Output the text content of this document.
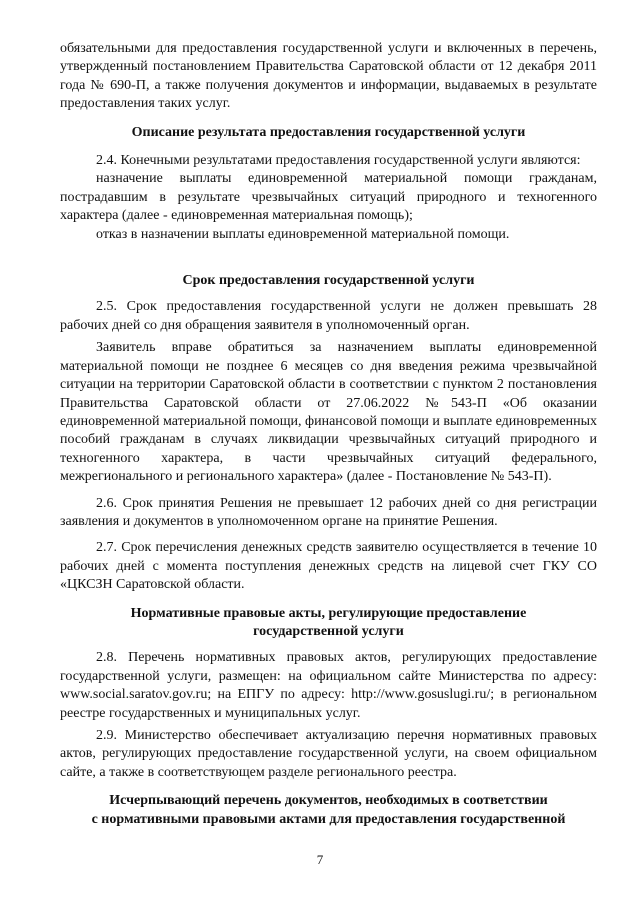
обязательными для предоставления государственной услуги и включенных в перечень, утвержденный постановлением Правительства Саратовской области от 12 декабря 2011 года № 690-П, а также получения документов и информации, выдаваемых в результате предоставления таких услуг.

Описание результата предоставления государственной услуги

2.4. Конечными результатами предоставления государственной услуги являются:

назначение выплаты единовременной материальной помощи гражданам, пострадавшим в результате чрезвычайных ситуаций природного и техногенного характера (далее - единовременная материальная помощь);

отказ в назначении выплаты единовременной материальной помощи.

Срок предоставления государственной услуги

2.5. Срок предоставления государственной услуги не должен превышать 28 рабочих дней со дня обращения заявителя в уполномоченный орган.

Заявитель вправе обратиться за назначением выплаты единовременной материальной помощи не позднее 6 месяцев со дня введения режима чрезвычайной ситуации на территории Саратовской области в соответствии с пунктом 2 постановления Правительства Саратовской области от 27.06.2022 №543-П «Об оказании единовременной материальной помощи, финансовой помощи и выплате единовременных пособий гражданам в случаях ликвидации чрезвычайных ситуаций природного и техногенного характера, в части чрезвычайных ситуаций федерального, межрегионального и регионального характера» (далее - Постановление № 543-П).

2.6. Срок принятия Решения не превышает 12 рабочих дней со дня регистрации заявления и документов в уполномоченном органе на принятие Решения.

2.7. Срок перечисления денежных средств заявителю осуществляется в течение 10 рабочих дней с момента поступления денежных средств на лицевой счет ГКУ СО «ЦКСЗН Саратовской области.

Нормативные правовые акты, регулирующие предоставление
государственной услуги

2.8. Перечень нормативных правовых актов, регулирующих предоставление государственной услуги, размещен: на официальном сайте Министерства по адресу: www.social.saratov.gov.ru; на ЕПГУ по адресу: http://www.gosuslugi.ru/; в региональном реестре государственных и муниципальных услуг.

2.9. Министерство обеспечивает актуализацию перечня нормативных правовых актов, регулирующих предоставление государственной услуги, на своем официальном сайте, а также в соответствующем разделе регионального реестра.

Исчерпывающий перечень документов, необходимых в соответствии
с нормативными правовыми актами для предоставления государственной

7
